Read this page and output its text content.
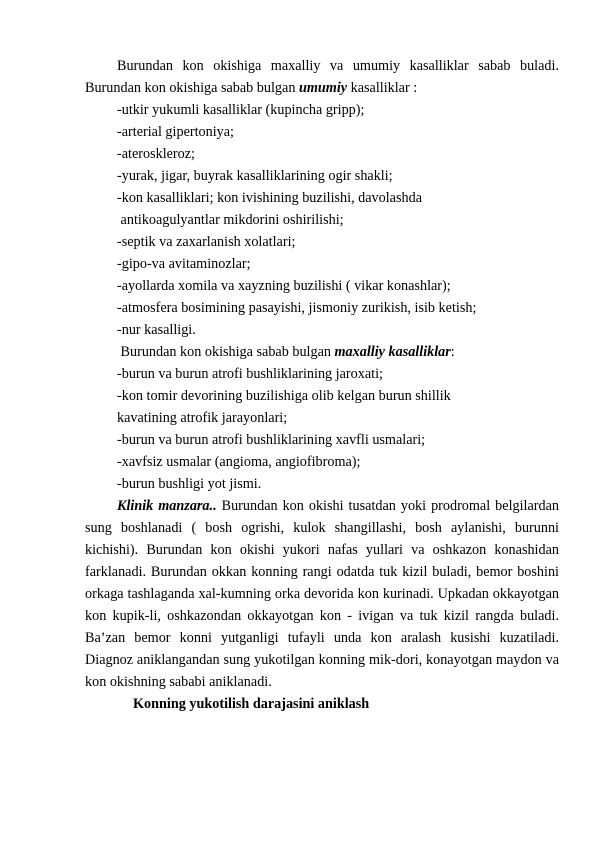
Burundan kon okishiga maxalliy va umumiy kasalliklar sabab buladi.
Burundan kon okishiga sabab bulgan umumiy kasalliklar :
-utkir yukumli kasalliklar (kupincha gripp);
-arterial gipertoniya;
-ateroskleroz;
-yurak, jigar, buyrak kasalliklarining ogir shakli;
-kon kasalliklari; kon ivishining buzilishi, davolashda
antikoagulyantlar mikdorini oshirilishi;
-septik va zaxarlanish xolatlari;
-gipo-va avitaminozlar;
-ayollarda xomila va xayzning buzilishi ( vikar konashlar);
-atmosfera bosimining pasayishi, jismoniy zurikish, isib ketish;
-nur kasalligi.
Burundan kon okishiga sabab bulgan maxalliy kasalliklar:
-burun va burun atrofi bushliklarining jaroxati;
-kon tomir devorining buzilishiga olib kelgan burun shillik
kavatining atrofik jarayonlari;
-burun va burun atrofi bushliklarining xavfli usmalari;
-xavfsiz usmalar (angioma, angiofibroma);
-burun bushligi yot jismi.
Klinik manzara.. Burundan kon okishi tusatdan yoki prodromal belgilardan
sung boshlanadi ( bosh ogrishi, kulok shangillashi, bosh aylanishi, burunni
kichishi). Burundan kon okishi yukori nafas yullari va oshkazon konashidan
farklanadi. Burundan okkan konning rangi odatda tuk kizil buladi, bemor boshini
orkaga tashlaganda xal-kumning orka devorida kon kurinadi. Upkadan okkayotgan
kon kupik-li, oshkazondan okkayotgan kon - ivigan va tuk kizil rangda buladi.
Ba’zan bemor konni yutganligi tufayli unda kon aralash kusishi kuzatiladi.
Diagnoz aniklangandan sung yukotilgan konning mik-dori, konayotgan maydon va
kon okishning sababi aniklanadi.
Konning yukotilish darajasini aniklash
